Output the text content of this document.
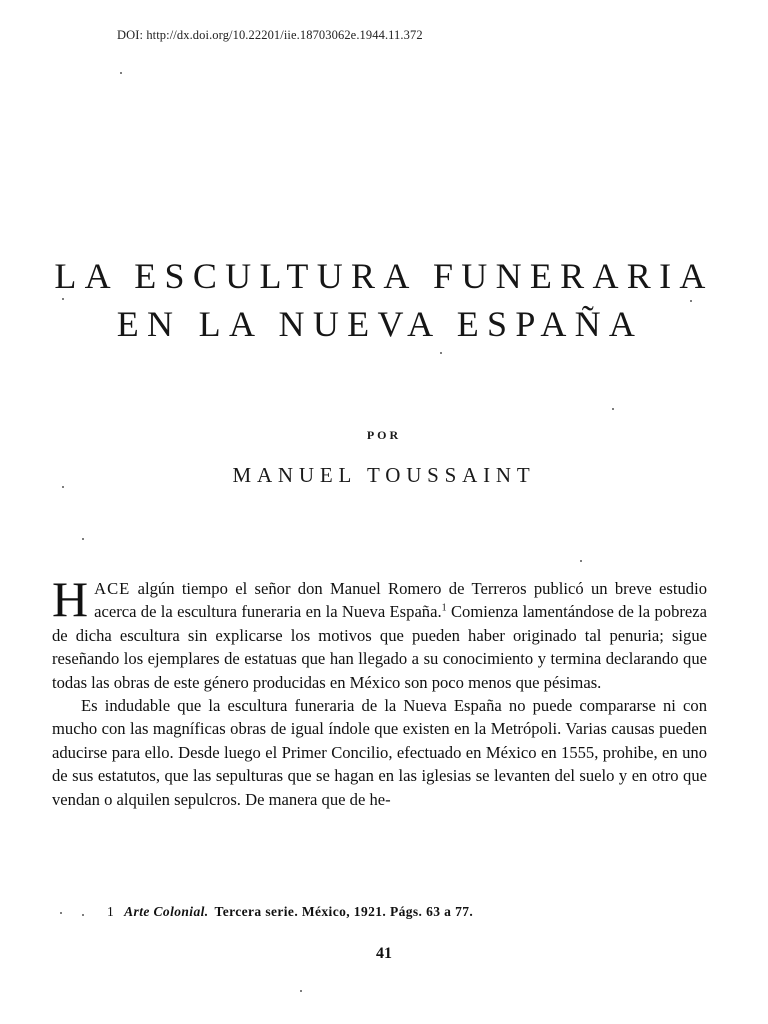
DOI: http://dx.doi.org/10.22201/iie.18703062e.1944.11.372
LA ESCULTURA FUNERARIA
EN LA NUEVA ESPAÑA
POR
MANUEL TOUSSAINT

HACE algún tiempo el señor don Manuel Romero de Terreros publicó un breve estudio acerca de la escultura funeraria en la Nueva España.$^1$ Comienza lamentándose de la pobreza de dicha escultura sin explicarse los motivos que pueden haber originado tal penuria; sigue reseñando los ejemplares de estatuas que han llegado a su conocimiento y termina declarando que todas las obras de este género producidas en México son poco menos que pésimas.

Es indudable que la escultura funeraria de la Nueva España no puede compararse ni con mucho con las magníficas obras de igual índole que existen en la Metrópoli. Varias causas pueden aducirse para ello. Desde luego el Primer Concilio, efectuado en México en 1555, prohibe, en uno de sus estatutos, que las sepulturas que se hagan en las iglesias se levanten del suelo y en otro que vendan o alquilen sepulcros. De manera que de he-

1 Arte Colonial. Tercera serie. México, 1921. Págs. 63 a 77.
41
